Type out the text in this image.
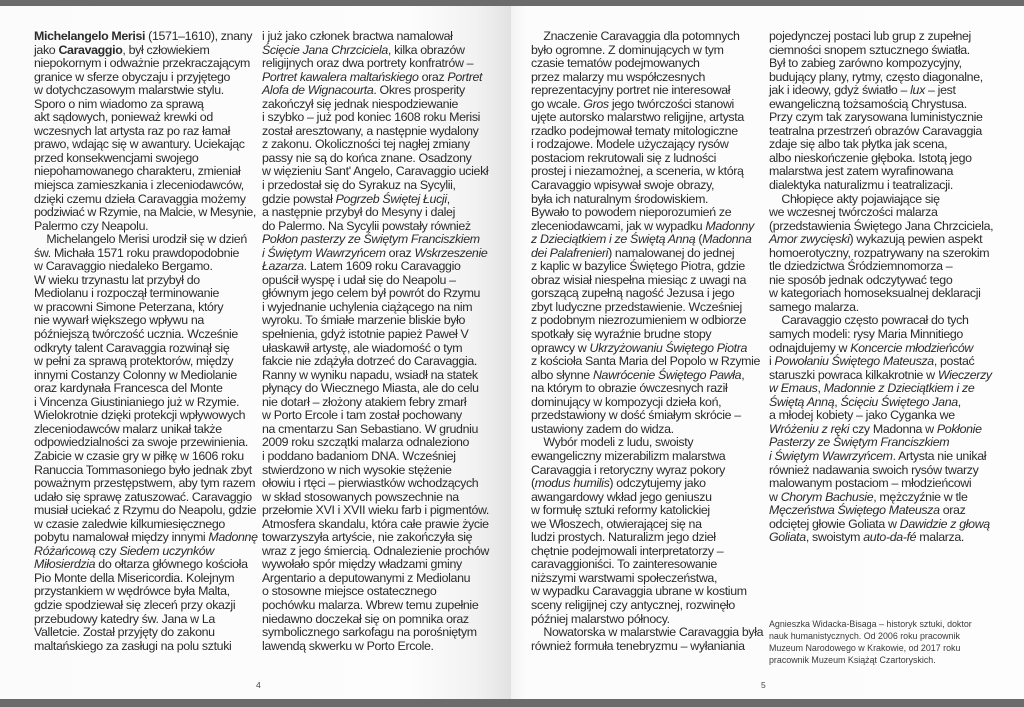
Michelangelo Merisi (1571–1610), znany
jako Caravaggio, był człowiekiem
niepokornym i odważnie przekraczającym
granice w sferze obyczaju i przyjętego
w dotychczasowym malarstwie stylu.
Sporo o nim wiadomo za sprawą
akt sądowych, ponieważ krewki od
wczesnych lat artysta raz po raz łamał
prawo, wdając się w awantury. Uciekając
przed konsekwencjami swojego
niepohamowanego charakteru, zmieniał
miejsca zamieszkania i zleceniodawców,
dzięki czemu dzieła Caravaggia możemy
podziwiać w Rzymie, na Malcie, w Mesynie,
Palermo czy Neapolu.
Michelangelo Merisi urodził się w dzień
św. Michała 1571 roku prawdopodobnie
w Caravaggio niedaleko Bergamo.
W wieku trzynastu lat przybył do
Mediolanu i rozpoczął terminowanie
w pracowni Simone Peterzana, który
nie wywarł większego wpływu na
późniejszą twórczość ucznia. Wcześnie
odkryty talent Caravaggia rozwinął się
w pełni za sprawą protektorów, między
innymi Costanzy Colonny w Mediolanie
oraz kardynała Francesca del Monte
i Vincenza Giustinianiego już w Rzymie.
Wielokrotnie dzięki protekcji wpływowych
zleceniodawców malarz unikał także
odpowiedzialności za swoje przewinienia.
Zabicie w czasie gry w piłkę w 1606 roku
Ranuccia Tommasoniego było jednak zbyt
poważnym przestępstwem, aby tym razem
udało się sprawę zatuszować. Caravaggio
musiał uciekać z Rzymu do Neapolu, gdzie
w czasie zaledwie kilkumiesięcznego
pobytu namalował między innymi Madonnę
Różańcową czy Siedem uczynków
Miłosierdzia do ołtarza głównego kościoła
Pio Monte della Misericordia. Kolejnym
przystankiem w wędrówce była Malta,
gdzie spodziewał się zleceń przy okazji
przebudowy katedry św. Jana w La
Valletcie. Został przyjęty do zakonu
maltańskiego za zasługi na polu sztuki
i już jako członek bractwa namalował
Ścięcie Jana Chrzciciela, kilka obrazów
religijnych oraz dwa portrety konfratrów –
Portret kawalera maltańskiego oraz Portret
Alofa de Wignacourta. Okres prosperity
zakończył się jednak niespodziewanie
i szybko – już pod koniec 1608 roku Merisi
został aresztowany, a następnie wydalony
z zakonu. Okoliczności tej nagłej zmiany
passy nie są do końca znane. Osadzony
w więzieniu Sant' Angelo, Caravaggio uciekł
i przedostał się do Syrakuz na Sycylii,
gdzie powstał Pogrzeb Świętej Łucji,
a następnie przybył do Mesyny i dalej
do Palermo. Na Sycylii powstały również
Pokłon pasterzy ze Świętym Franciszkiem
i Świętym Wawrzyńcem oraz Wskrzeszenie
Łazarza. Latem 1609 roku Caravaggio
opuścił wyspę i udał się do Neapolu –
głównym jego celem był powrót do Rzymu
i wyjednanie uchylenia ciążącego na nim
wyroku. To śmiałe marzenie bliskie było
spełnienia, gdyż istotnie papież Paweł V
ułaskawił artystę, ale wiadomość o tym
fakcie nie zdążyła dotrzeć do Caravaggia.
Ranny w wyniku napadu, wsiadł na statek
płynący do Wiecznego Miasta, ale do celu
nie dotarł – złożony atakiem febry zmarł
w Porto Ercole i tam został pochowany
na cmentarzu San Sebastiano. W grudniu
2009 roku szczątki malarza odnaleziono
i poddano badaniom DNA. Wcześniej
stwierdzono w nich wysokie stężenie
ołowiu i rtęci – pierwiastków wchodzących
w skład stosowanych powszechnie na
przełomie XVI i XVII wieku farb i pigmentów.
Atmosfera skandalu, która całe prawie życie
towarzyszyła artyście, nie zakończyła się
wraz z jego śmiercią. Odnalezienie prochów
wywołało spór między władzami gminy
Argentario a deputowanymi z Mediolanu
o stosowne miejsce ostatecznego
pochówku malarza. Wbrew temu zupełnie
niedawno doczekał się on pomnika oraz
symbolicznego sarkofagu na porośniętym
lawendą skwerku w Porto Ercole.
4
Znaczenie Caravaggia dla potomnych
było ogromne. Z dominujących w tym
czasie tematów podejmowanych
przez malarzy mu współczesnych
reprezentacyjny portret nie interesował
go wcale. Gros jego twórczości stanowi
ujęte autorsko malarstwo religijne, artysta
rzadko podejmował tematy mitologiczne
i rodzajowe. Modele użyczający rysów
postaciom rekrutowali się z ludności
prostej i niezamożnej, a sceneria, w którą
Caravaggio wpisywał swoje obrazy,
była ich naturalnym środowiskiem.
Bywało to powodem nieporozumień ze
zleceniodawcami, jak w wypadku Madonny
z Dzieciątkiem i ze Świętą Anną (Madonna
dei Palafrenieri) namalowanej do jednej
z kaplic w bazylice Świętego Piotra, gdzie
obraz wisiał niespełna miesiąc z uwagi na
gorszącą zupełną nagość Jezusa i jego
zbyt ludyczne przedstawienie. Wcześniej
z podobnym niezrozumieniem w odbiorze
spotkały się wyraźnie brudne stopy
oprawcy w Ukrzyżowaniu Świętego Piotra
z kościoła Santa Maria del Popolo w Rzymie
albo słynne Nawrócenie Świętego Pawła,
na którym to obrazie ówczesnych raził
dominujący w kompozycji dzieła koń,
przedstawiony w dość śmiałym skrócie –
ustawiony zadem do widza.
Wybór modeli z ludu, swoisty
ewangeliczny mizerabilizm malarstwa
Caravaggia i retoryczny wyraz pokory
(modus humilis) odczytujemy jako
awangardowy wkład jego geniuszu
w formułę sztuki reformy katolickiej
we Włoszech, otwierającej się na
ludzi prostych. Naturalizm jego dzieł
chętnie podejmowali interpretatorzy –
caravaggioniści. To zainteresowanie
niższymi warstwami społeczeństwa,
w wypadku Caravaggia ubrane w kostium
sceny religijnej czy antycznej, rozwinęło
później malarstwo północy.
Nowatorska w malarstwie Caravaggia była
również formuła tenebryzmu – wyłaniania
pojedynczej postaci lub grup z zupełnej
ciemności snopem sztucznego światła.
Był to zabieg zarówno kompozycyjny,
budujący plany, rytmy, często diagonalne,
jak i ideowy, gdyż światło – lux – jest
ewangeliczną tożsamością Chrystusa.
Przy czym tak zarysowana luministycznie
teatralna przestrzeń obrazów Caravaggia
zdaje się albo tak płytka jak scena,
albo nieskończenie głęboka. Istotą jego
malarstwa jest zatem wyrafinowana
dialektyka naturalizmu i teatralizacji.
Chłopięce akty pojawiające się
we wczesnej twórczości malarza
(przedstawienia Świętego Jana Chrzciciela,
Amor zwycięski) wykazują pewien aspekt
homoerotyczny, rozpatrywany na szerokim
tle dziedzictwa Śródziemnomorza –
nie sposób jednak odczytywać tego
w kategoriach homoseksualnej deklaracji
samego malarza.
Caravaggio często powracał do tych
samych modeli: rysy Maria Minnitiego
odnajdujemy w Koncercie młodzieńców
i Powołaniu Świętego Mateusza, postać
staruszki powraca kilkakrotnie w Wieczerzy
w Emaus, Madonnie z Dzieciątkiem i ze
Świętą Anną, Ścięciu Świętego Jana,
a młodej kobiety – jako Cyganka we
Wróżeniu z ręki czy Madonna w Pokłonie
Pasterzy ze Świętym Franciszkiem
i Świętym Wawrzyńcem. Artysta nie unikał
również nadawania swoich rysów twarzy
malowanym postaciom – młodzieńcowi
w Chorym Bachusie, mężczyźnie w tle
Męczeństwa Świętego Mateusza oraz
odciętej głowie Goliata w Dawidzie z głową
Goliata, swoistym auto-da-fé malarza.
Agnieszka Widacka-Bisaga – historyk sztuki, doktor
nauk humanistycznych. Od 2006 roku pracownik
Muzeum Narodowego w Krakowie, od 2017 roku
pracownik Muzeum Książąt Czartoryskich.
5
